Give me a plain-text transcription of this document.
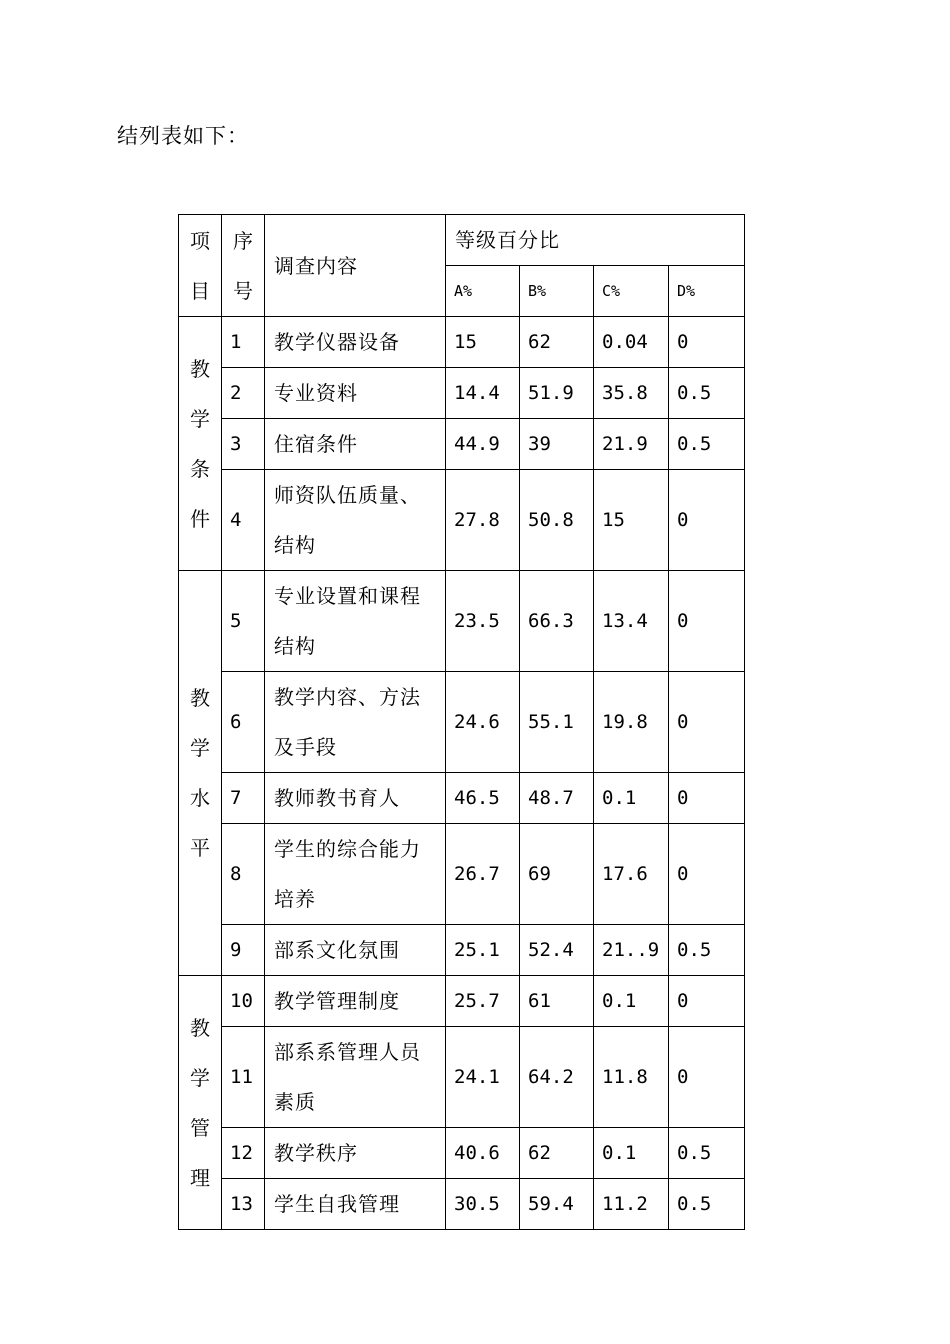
结列表如下：
项目	序号	调查内容	等级百分比			
			A%	B%	C%	D%
教学条件	1	教学仪器设备	15	62	0.04	0
	2	专业资料	14.4	51.9	35.8	0.5
	3	住宿条件	44.9	39	21.9	0.5
	4	师资队伍质量、结构	27.8	50.8	15	0
教学水平	5	专业设置和课程结构	23.5	66.3	13.4	0
	6	教学内容、方法及手段	24.6	55.1	19.8	0
	7	教师教书育人	46.5	48.7	0.1	0
	8	学生的综合能力培养	26.7	69	17.6	0
	9	部系文化氛围	25.1	52.4	21..9	0.5
教学管理	10	教学管理制度	25.7	61	0.1	0
	11	部系系管理人员素质	24.1	64.2	11.8	0
	12	教学秩序	40.6	62	0.1	0.5
	13	学生自我管理	30.5	59.4	11.2	0.5
